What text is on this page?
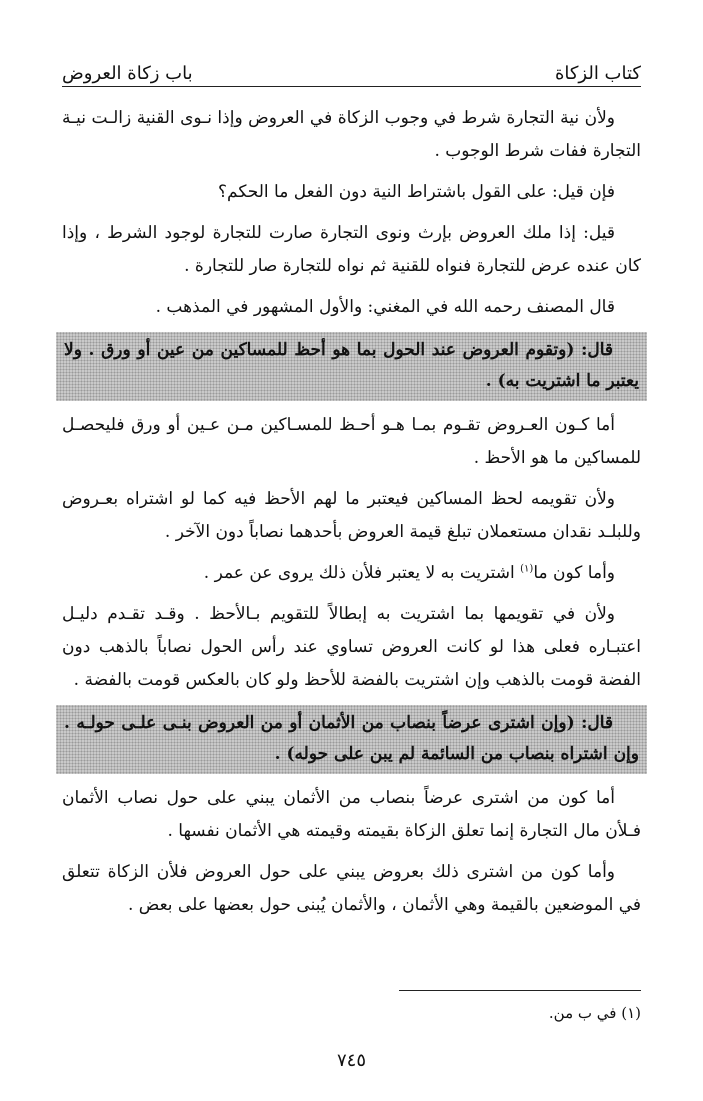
كتاب الزكاة
باب زكاة العروض

ولأن نية التجارة شرط في وجوب الزكاة في العروض وإذا نـوى القنية زالـت نيـة التجارة ففات شرط الوجوب .

فإن قيل: على القول باشتراط النية دون الفعل ما الحكم؟

قيل: إذا ملك العروض بإرث ونوى التجارة صارت للتجارة لوجود الشرط ، وإذا كان عنده عرض للتجارة فنواه للقنية ثم نواه للتجارة صار للتجارة .

قال المصنف رحمه الله في المغني: والأول المشهور في المذهب .

قال: (وتقوم العروض عند الحول بما هو أحظ للمساكين من عين أو ورق . ولا يعتبر ما اشتريت به) .

أما كـون العـروض تقـوم بمـا هـو أحـظ للمسـاكين مـن عـين أو ورق فليحصـل للمساكين ما هو الأحظ .

ولأن تقويمه لحظ المساكين فيعتبر ما لهم الأحظ فيه كما لو اشتراه بعـروض وللبلـد نقدان مستعملان تبلغ قيمة العروض بأحدهما نصاباً دون الآخر .

وأما كون ما$^{(١)}$ اشتريت به لا يعتبر فلأن ذلك يروى عن عمر .

ولأن في تقويمها بما اشتريت به إبطالاً للتقويم بـالأحظ . وقـد تقـدم دليـل اعتبـاره فعلى هذا لو كانت العروض تساوي عند رأس الحول نصاباً بالذهب دون الفضة قومت بالذهب وإن اشتريت بالفضة للأحظ ولو كان بالعكس قومت بالفضة .

قال: (وإن اشترى عرضاً بنصاب من الأثمان أو من العروض بنـى علـى حولـه . وإن اشتراه بنصاب من السائمة لم يبن على حوله) .

أما كون من اشترى عرضاً بنصاب من الأثمان يبني على حول نصاب الأثمان فـلأن مال التجارة إنما تعلق الزكاة بقيمته وقيمته هي الأثمان نفسها .

وأما كون من اشترى ذلك بعروض يبني على حول العروض فلأن الزكاة تتعلق في الموضعين بالقيمة وهي الأثمان ، والأثمان يُبنى حول بعضها على بعض .

(١) في ب من.
٧٤٥
